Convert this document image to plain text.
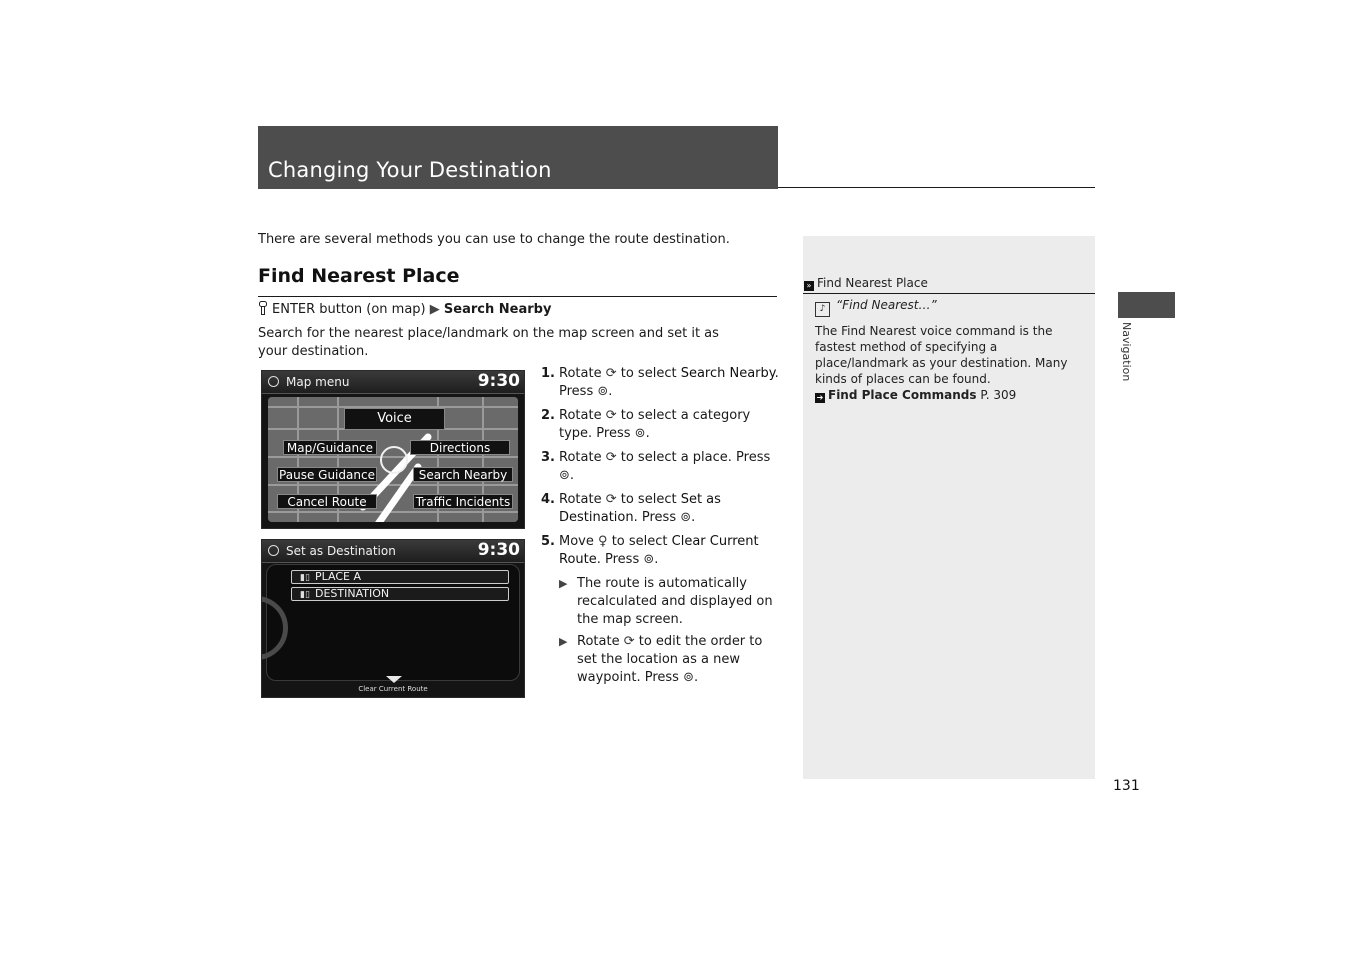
Changing Your Destination
There are several methods you can use to change the route destination.
Find Nearest Place
ENTER button (on map) ▶ Search Nearby
Search for the nearest place/landmark on the map screen and set it as your destination.
Map menu	9:30
Voice
Map/Guidance	Directions
Pause Guidance	Search Nearby
Cancel Route	Traffic Incidents
Set as Destination	9:30
▮▯ PLACE A
▮▯ DESTINATION
Clear Current Route
1. Rotate ⟳ to select Search Nearby. Press ⊚.
2. Rotate ⟳ to select a category type. Press ⊚.
3. Rotate ⟳ to select a place. Press ⊚.
4. Rotate ⟳ to select Set as Destination. Press ⊚.
5. Move ♀ to select Clear Current Route. Press ⊚.
▶ The route is automatically recalculated and displayed on the map screen.
▶ Rotate ⟳ to edit the order to set the location as a new waypoint. Press ⊚.
» Find Nearest Place
♪ “Find Nearest…”
The Find Nearest voice command is the fastest method of specifying a place/landmark as your destination. Many kinds of places can be found.
➔ Find Place Commands P. 309
Navigation
131
